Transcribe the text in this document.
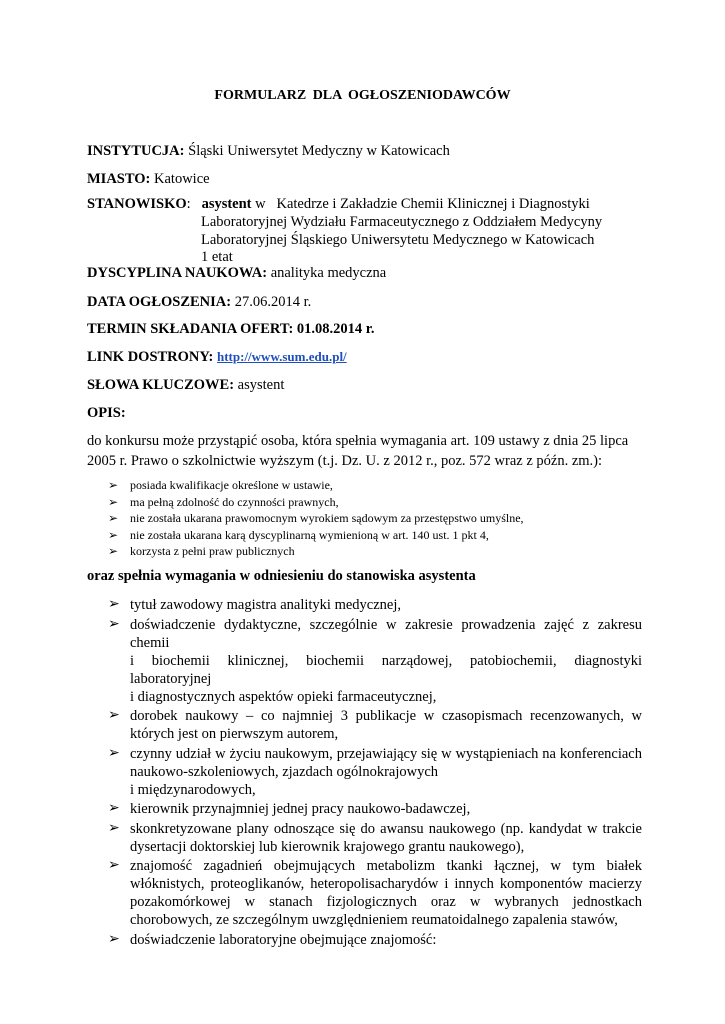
FORMULARZ DLA OGŁOSZENIODAWCÓW
INSTYTUCJA: Śląski Uniwersytet Medyczny w Katowicach
MIASTO: Katowice
STANOWISKO:   asystent w   Katedrze i Zakładzie Chemii Klinicznej i Diagnostyki
Laboratoryjnej Wydziału Farmaceutycznego z Oddziałem Medycyny
Laboratoryjnej Śląskiego Uniwersytetu Medycznego w Katowicach
1 etat
DYSCYPLINA NAUKOWA: analityka medyczna
DATA OGŁOSZENIA: 27.06.2014 r.
TERMIN SKŁADANIA OFERT: 01.08.2014 r.
LINK DOSTRONY: http://www.sum.edu.pl/
SŁOWA KLUCZOWE: asystent
OPIS:
do konkursu może przystąpić osoba, która spełnia wymagania art. 109 ustawy z dnia 25 lipca 2005 r. Prawo o szkolnictwie wyższym (t.j. Dz. U. z 2012 r., poz. 572 wraz z późn. zm.):
➢ posiada kwalifikacje określone w ustawie,
➢ ma pełną zdolność do czynności prawnych,
➢ nie została ukarana prawomocnym wyrokiem sądowym za przestępstwo umyślne,
➢ nie została ukarana karą dyscyplinarną wymienioną w art. 140 ust. 1 pkt 4,
➢ korzysta z pełni praw publicznych
oraz spełnia wymagania w odniesieniu do stanowiska asystenta
➢ tytuł zawodowy magistra analityki medycznej,
➢ doświadczenie dydaktyczne, szczególnie w zakresie prowadzenia zajęć z zakresu chemii
i biochemii klinicznej, biochemii narządowej, patobiochemii, diagnostyki laboratoryjnej
i diagnostycznych aspektów opieki farmaceutycznej,
➢ dorobek naukowy – co najmniej 3 publikacje w czasopismach recenzowanych, w których jest on pierwszym autorem,
➢ czynny udział w życiu naukowym, przejawiający się w wystąpieniach na konferenciach naukowo-szkoleniowych, zjazdach ogólnokrajowych
i międzynarodowych,
➢ kierownik przynajmniej jednej pracy naukowo-badawczej,
➢ skonkretyzowane plany odnoszące się do awansu naukowego (np. kandydat w trakcie dysertacji doktorskiej lub kierownik krajowego grantu naukowego),
➢ znajomość zagadnień obejmujących metabolizm tkanki łącznej, w tym białek włóknistych, proteoglikanów, heteropolisacharydów i innych komponentów macierzy pozakomórkowej w stanach fizjologicznych oraz w wybranych jednostkach chorobowych, ze szczególnym uwzględnieniem reumatoidalnego zapalenia stawów,
➢ doświadczenie laboratoryjne obejmujące znajomość:
